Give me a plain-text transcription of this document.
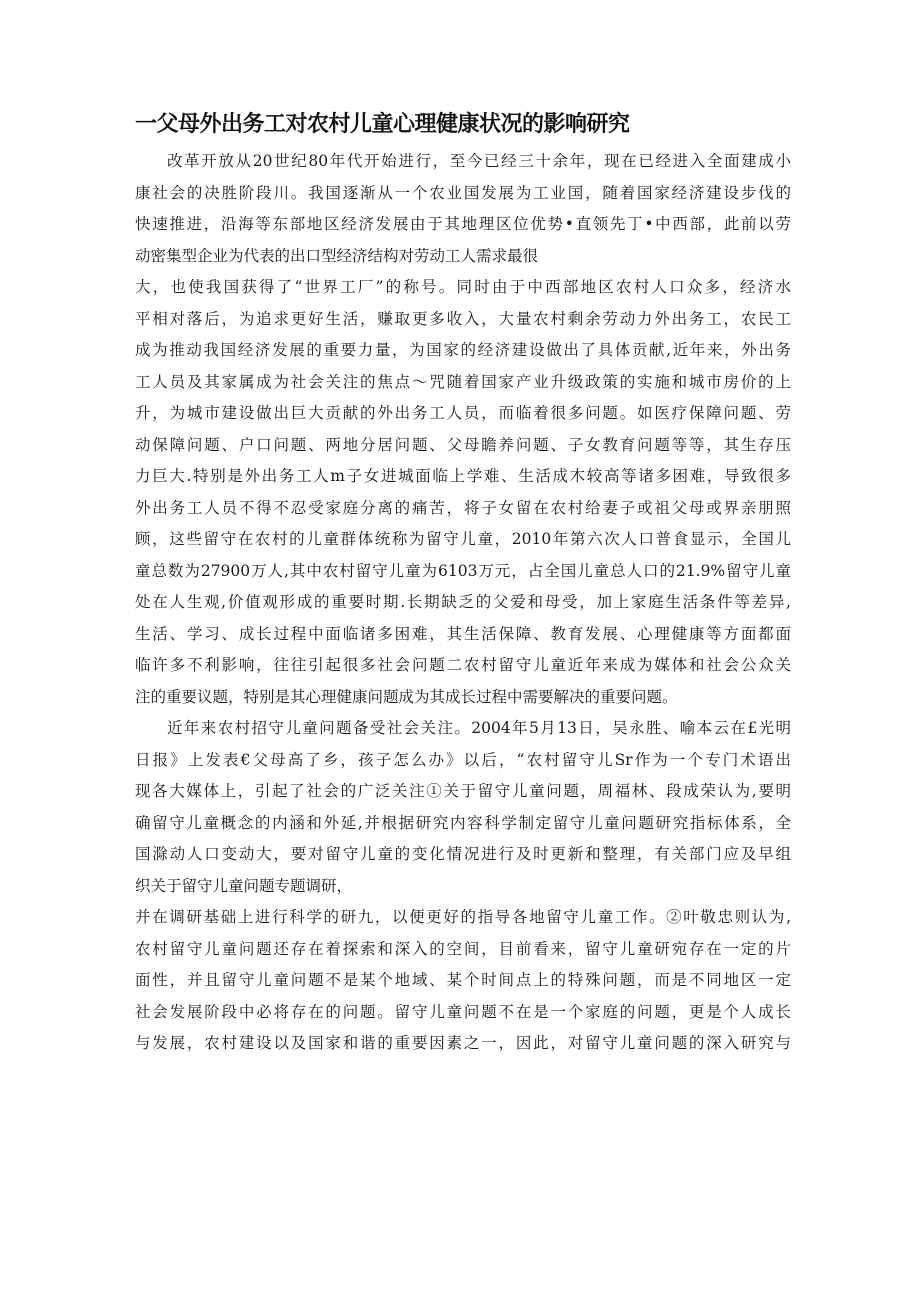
一父母外出务工对农村儿童心理健康状况的影响研究
改革开放从20世纪80年代开始进行，至今已经三十余年，现在已经进入全面建成小
康社会的决胜阶段川。我国逐渐从一个农业国发展为工业国，随着国家经济建设步伐的
快速推进，沿海等东部地区经济发展由于其地理区位优势•直领先丁•中西部，此前以劳
动密集型企业为代表的出口型经济结构对劳动工人需求最很
大，也使我国获得了“世界工厂”的称号。同时由于中西部地区农村人口众多，经济水
平相对落后，为追求更好生活，赚取更多收入，大量农村剩余劳动力外出务工，农民工
成为推动我国经济发展的重要力量，为国家的经济建设做出了具体贡献,近年来，外出务
工人员及其家属成为社会关注的焦点～咒随着国家产业升级政策的实施和城市房价的上
升，为城市建设做出巨大贡献的外出务工人员，而临着很多问题。如医疗保障问题、劳
动保障问题、户口问题、两地分居问题、父母瞻养问题、子女教育问题等等，其生存压
力巨大.特别是外出务工人m子女进城面临上学难、生活成木较高等诸多困难，导致很多
外出务工人员不得不忍受家庭分离的痛苦，将子女留在农村给妻子或祖父母或界亲朋照
顾，这些留守在农村的儿童群体统称为留守儿童，2010年第六次人口普食显示，全国儿
童总数为27900万人,其中农村留守儿童为6103万元，占全国儿童总人口的21.9%留守儿童
处在人生观,价值观形成的重要时期.长期缺乏的父爱和母受，加上家庭生活条件等差异,
生活、学习、成长过程中面临诸多困难，其生活保障、教育发展、心理健康等方面都面
临许多不利影响，往往引起很多社会问题二农村留守儿童近年来成为媒体和社会公众关
注的重要议题，特别是其心理健康问题成为其成长过程中需要解决的重要问题。
近年来农村招守儿童问题备受社会关注。2004年5月13日，吴永胜、喻本云在£光明
日报》上发表€父母高了乡，孩子怎么办》以后，“农村留守儿Sr作为一个专门术语出
现各大媒体上，引起了社会的广泛关注①关于留守儿童问题，周福林、段成荣认为,要明
确留守儿童概念的内涵和外延,并根据研究内容科学制定留守儿童问题研究指标体系，全
国滁动人口变动大，要对留守儿童的变化情况进行及时更新和整理，有关部门应及早组
织关于留守儿童问题专题调研，
并在调研基础上进行科学的研九，以便更好的指导各地留守儿童工作。②叶敬忠则认为,
农村留守儿童问题还存在着探索和深入的空间，目前看来，留守儿童研宛存在一定的片
面性，并且留守儿童问题不是某个地域、某个时间点上的特殊问题，而是不同地区一定
社会发展阶段中必将存在的问题。留守儿童问题不在是一个家庭的问题，更是个人成长
与发展，农村建设以及国家和谐的重要因素之一，因此，对留守儿童问题的深入研究与
